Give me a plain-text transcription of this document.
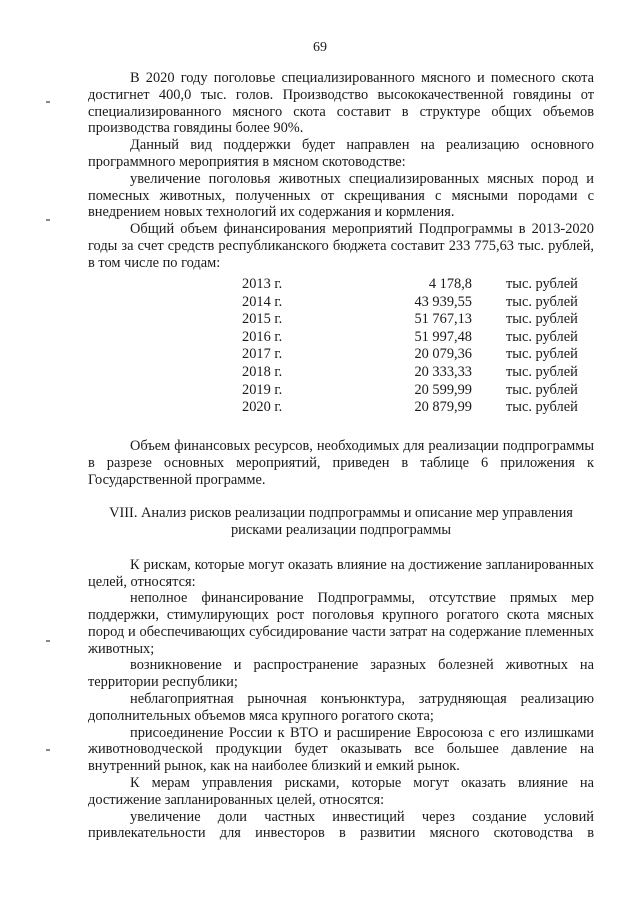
69

В 2020 году поголовье специализированного мясного и помесного скота достигнет 400,0 тыс. голов. Производство высококачественной говядины от специализированного мясного скота составит в структуре общих объемов производства говядины более 90%.

Данный вид поддержки будет направлен на реализацию основного программного мероприятия в мясном скотоводстве:

увеличение поголовья животных специализированных мясных пород и помесных животных, полученных от скрещивания с мясными породами с внедрением новых технологий их содержания и кормления.

Общий объем финансирования мероприятий Подпрограммы в 2013-2020 годы за счет средств республиканского бюджета составит 233 775,63 тыс. рублей, в том числе по годам:

2013 г.	4 178,8	тыс. рублей
2014 г.	43 939,55	тыс. рублей
2015 г.	51 767,13	тыс. рублей
2016 г.	51 997,48	тыс. рублей
2017 г.	20 079,36	тыс. рублей
2018 г.	20 333,33	тыс. рублей
2019 г.	20 599,99	тыс. рублей
2020 г.	20 879,99	тыс. рублей

Объем финансовых ресурсов, необходимых для реализации подпрограммы в разрезе основных мероприятий, приведен в таблице 6 приложения к Государственной программе.

VIII. Анализ рисков реализации подпрограммы и описание мер управления рисками реализации подпрограммы

К рискам, которые могут оказать влияние на достижение запланированных целей, относятся:

неполное финансирование Подпрограммы, отсутствие прямых мер поддержки, стимулирующих рост поголовья крупного рогатого скота мясных пород и обеспечивающих субсидирование части затрат на содержание племенных животных;

возникновение и распространение заразных болезней животных на территории республики;

неблагоприятная рыночная конъюнктура, затрудняющая реализацию дополнительных объемов мяса крупного рогатого скота;

присоединение России к ВТО и расширение Евросоюза с его излишками животноводческой продукции будет оказывать все большее давление на внутренний рынок, как на наиболее близкий и емкий рынок.

К мерам управления рисками, которые могут оказать влияние на достижение запланированных целей, относятся:

увеличение доли частных инвестиций через создание условий привлекательности для инвесторов в развитии мясного скотоводства в
